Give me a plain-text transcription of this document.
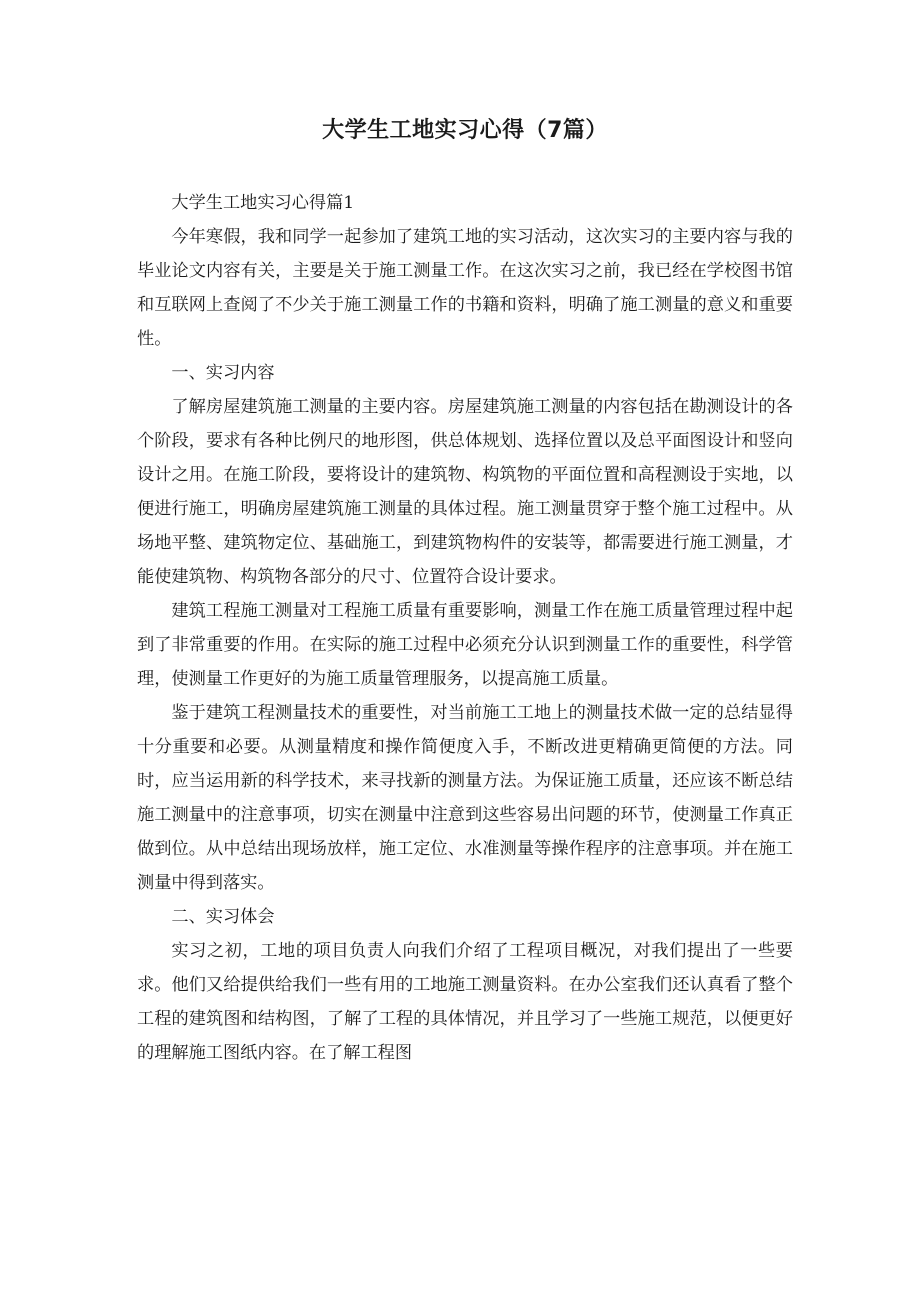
大学生工地实习心得（7篇）

大学生工地实习心得篇1

今年寒假，我和同学一起参加了建筑工地的实习活动，这次实习的主要内容与我的毕业论文内容有关，主要是关于施工测量工作。在这次实习之前，我已经在学校图书馆和互联网上查阅了不少关于施工测量工作的书籍和资料，明确了施工测量的意义和重要性。

一、实习内容

了解房屋建筑施工测量的主要内容。房屋建筑施工测量的内容包括在勘测设计的各个阶段，要求有各种比例尺的地形图，供总体规划、选择位置以及总平面图设计和竖向设计之用。在施工阶段，要将设计的建筑物、构筑物的平面位置和高程测设于实地，以便进行施工，明确房屋建筑施工测量的具体过程。施工测量贯穿于整个施工过程中。从场地平整、建筑物定位、基础施工，到建筑物构件的安装等，都需要进行施工测量，才能使建筑物、构筑物各部分的尺寸、位置符合设计要求。

建筑工程施工测量对工程施工质量有重要影响，测量工作在施工质量管理过程中起到了非常重要的作用。在实际的施工过程中必须充分认识到测量工作的重要性，科学管理，使测量工作更好的为施工质量管理服务，以提高施工质量。

鉴于建筑工程测量技术的重要性，对当前施工工地上的测量技术做一定的总结显得十分重要和必要。从测量精度和操作简便度入手，不断改进更精确更简便的方法。同时，应当运用新的科学技术，来寻找新的测量方法。为保证施工质量，还应该不断总结施工测量中的注意事项，切实在测量中注意到这些容易出问题的环节，使测量工作真正做到位。从中总结出现场放样，施工定位、水准测量等操作程序的注意事项。并在施工测量中得到落实。

二、实习体会

实习之初，工地的项目负责人向我们介绍了工程项目概况，对我们提出了一些要求。他们又给提供给我们一些有用的工地施工测量资料。在办公室我们还认真看了整个工程的建筑图和结构图，了解了工程的具体情况，并且学习了一些施工规范，以便更好的理解施工图纸内容。在了解工程图
